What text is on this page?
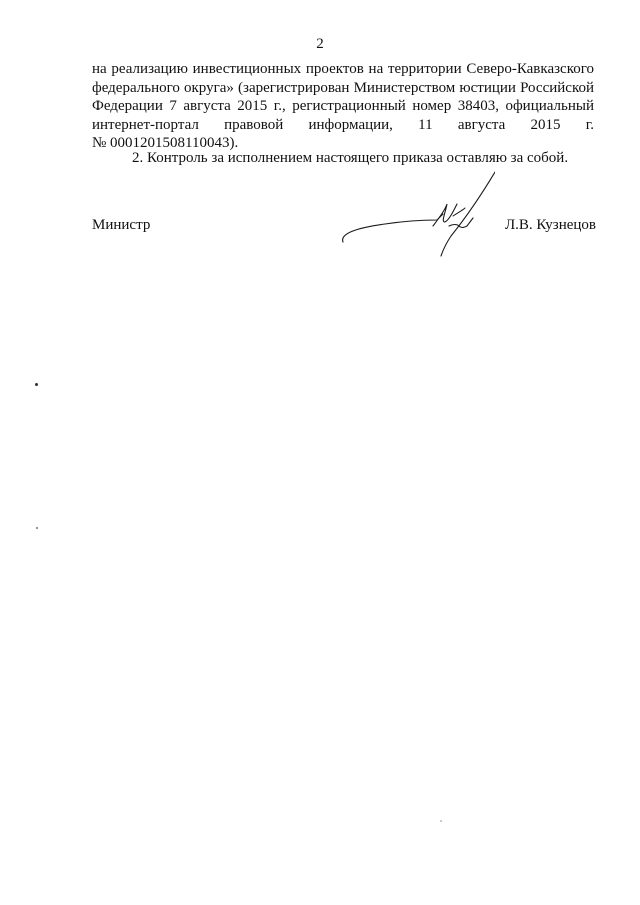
2
на реализацию инвестиционных проектов на территории Северо-Кавказского
федерального округа» (зарегистрирован Министерством юстиции Российской
Федерации 7 августа 2015 г., регистрационный номер 38403, официальный
интернет-портал правовой информации, 11 августа 2015 г.
№ 0001201508110043).

2. Контроль за исполнением настоящего приказа оставляю за собой.

Министр	Л.В. Кузнецов
